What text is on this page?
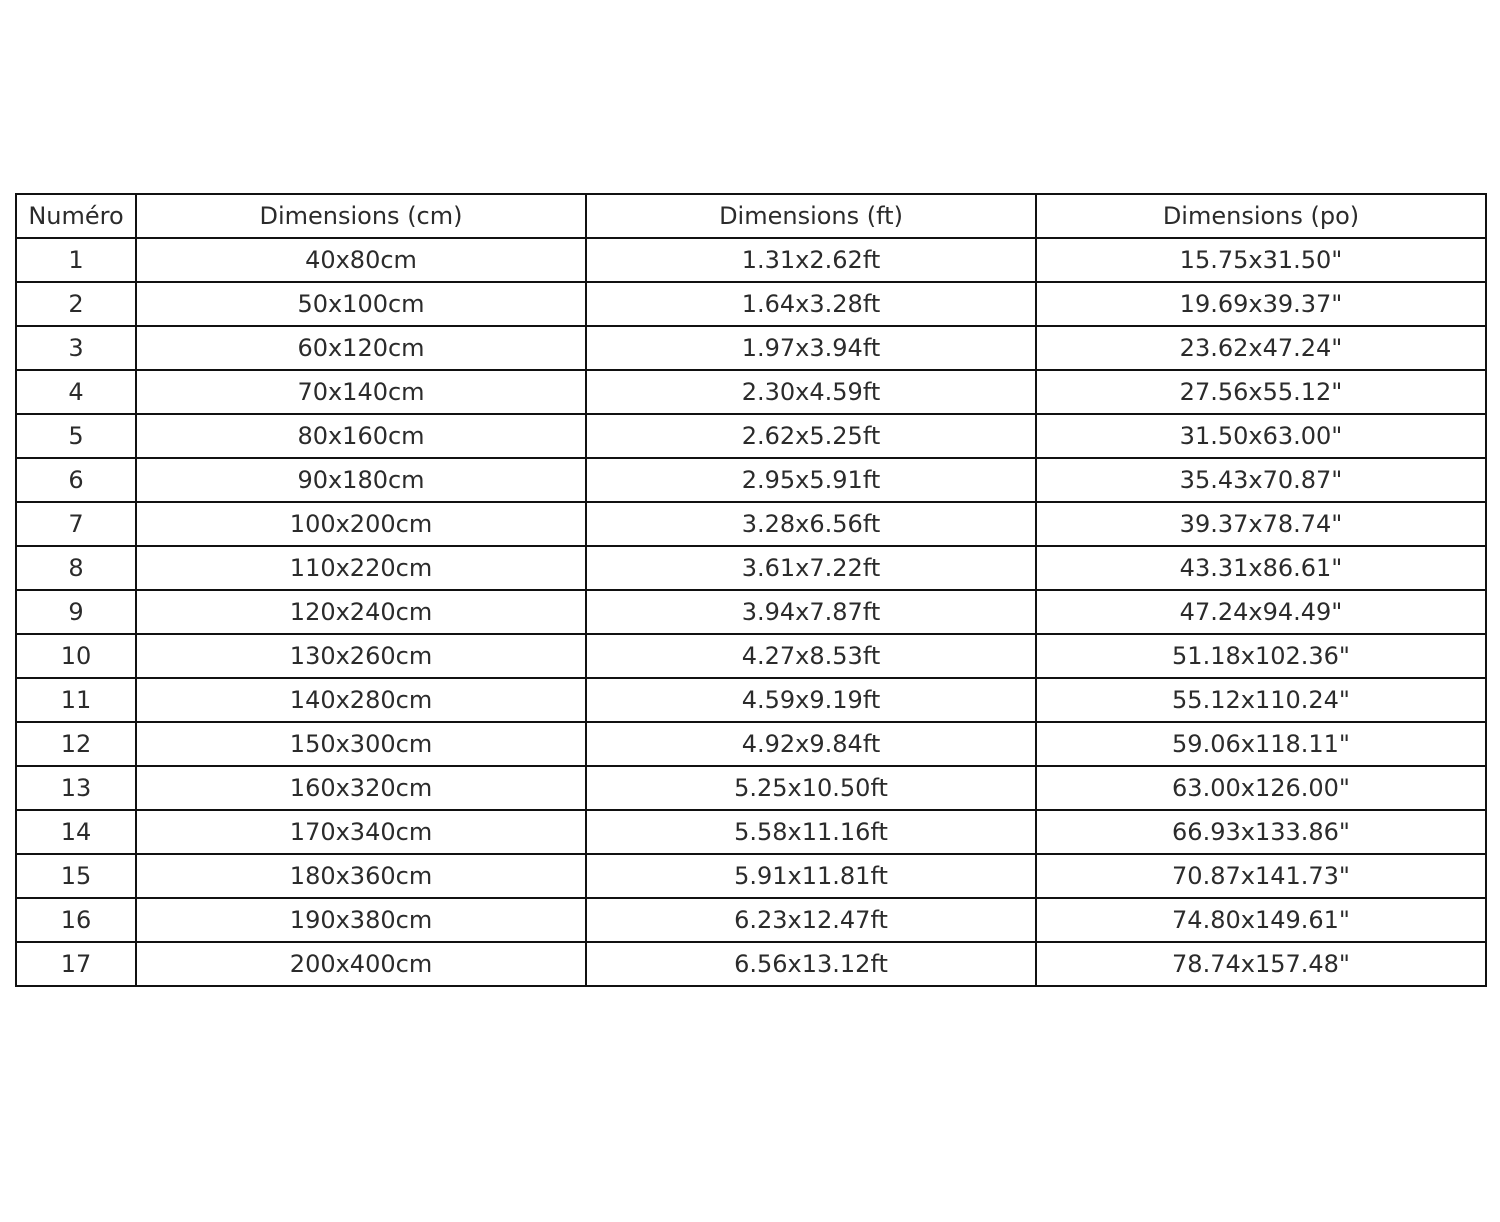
Numéro	Dimensions (cm)	Dimensions (ft)	Dimensions (po)
1	40x80cm	1.31x2.62ft	15.75x31.50"
2	50x100cm	1.64x3.28ft	19.69x39.37"
3	60x120cm	1.97x3.94ft	23.62x47.24"
4	70x140cm	2.30x4.59ft	27.56x55.12"
5	80x160cm	2.62x5.25ft	31.50x63.00"
6	90x180cm	2.95x5.91ft	35.43x70.87"
7	100x200cm	3.28x6.56ft	39.37x78.74"
8	110x220cm	3.61x7.22ft	43.31x86.61"
9	120x240cm	3.94x7.87ft	47.24x94.49"
10	130x260cm	4.27x8.53ft	51.18x102.36"
11	140x280cm	4.59x9.19ft	55.12x110.24"
12	150x300cm	4.92x9.84ft	59.06x118.11"
13	160x320cm	5.25x10.50ft	63.00x126.00"
14	170x340cm	5.58x11.16ft	66.93x133.86"
15	180x360cm	5.91x11.81ft	70.87x141.73"
16	190x380cm	6.23x12.47ft	74.80x149.61"
17	200x400cm	6.56x13.12ft	78.74x157.48"
